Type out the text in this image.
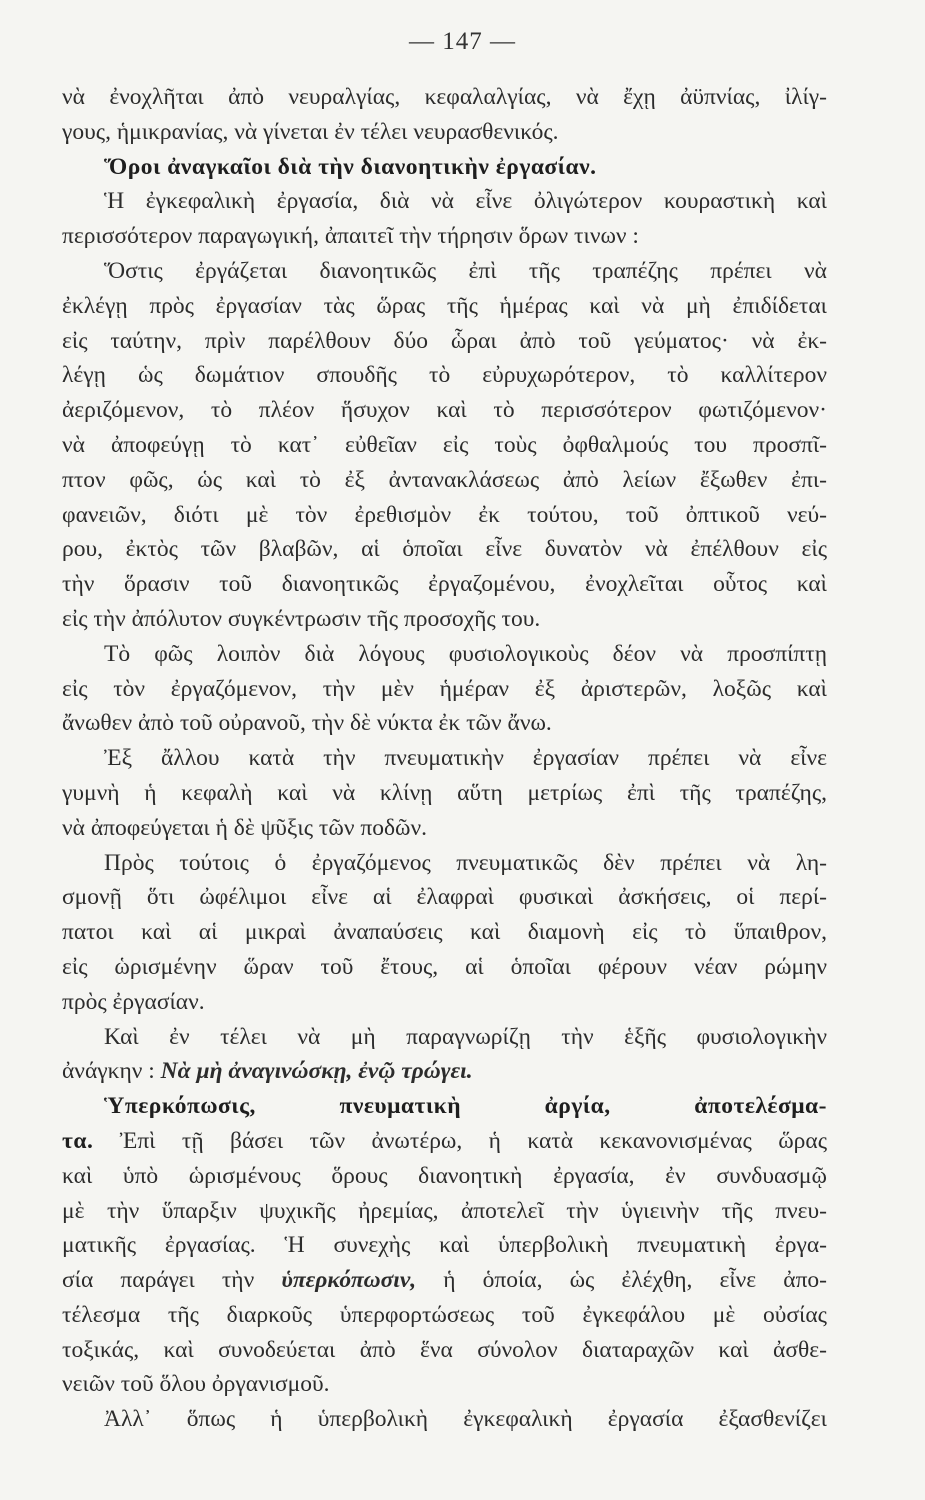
— 147 —
νὰ ἐνοχλῆται ἀπὸ νευραλγίας, κεφαλαλγίας, νὰ ἔχῃ ἀϋπνίας, ἰλίγ-
γους, ἡμικρανίας, νὰ γίνεται ἐν τέλει νευρασθενικός.
Ὅροι ἀναγκαῖοι διὰ τὴν διανοητικὴν ἐργασίαν.
Ἡ ἐγκεφαλικὴ ἐργασία, διὰ νὰ εἶνε ὀλιγώτερον κουραστικὴ καὶ
περισσότερον παραγωγική, ἀπαιτεῖ τὴν τήρησιν ὅρων τινων :
Ὅστις ἐργάζεται διανοητικῶς ἐπὶ τῆς τραπέζης πρέπει νὰ
ἐκλέγῃ πρὸς ἐργασίαν τὰς ὥρας τῆς ἡμέρας καὶ νὰ μὴ ἐπιδίδεται
εἰς ταύτην, πρὶν παρέλθουν δύο ὧραι ἀπὸ τοῦ γεύματος· νὰ ἐκ-
λέγῃ ὡς δωμάτιον σπουδῆς τὸ εὐρυχωρότερον, τὸ καλλίτερον
ἀεριζόμενον, τὸ πλέον ἥσυχον καὶ τὸ περισσότερον φωτιζόμενον·
νὰ ἀποφεύγῃ τὸ κατ᾽ εὐθεῖαν εἰς τοὺς ὀφθαλμούς του προσπῖ-
πτον φῶς, ὡς καὶ τὸ ἐξ ἀντανακλάσεως ἀπὸ λείων ἔξωθεν ἐπι-
φανειῶν, διότι μὲ τὸν ἐρεθισμὸν ἐκ τούτου, τοῦ ὀπτικοῦ νεύ-
ρου, ἐκτὸς τῶν βλαβῶν, αἱ ὁποῖαι εἶνε δυνατὸν νὰ ἐπέλθουν εἰς
τὴν ὅρασιν τοῦ διανοητικῶς ἐργαζομένου, ἐνοχλεῖται οὗτος καὶ
εἰς τὴν ἀπόλυτον συγκέντρωσιν τῆς προσοχῆς του.
Τὸ φῶς λοιπὸν διὰ λόγους φυσιολογικοὺς δέον νὰ προσπίπτῃ
εἰς τὸν ἐργαζόμενον, τὴν μὲν ἡμέραν ἐξ ἀριστερῶν, λοξῶς καὶ
ἄνωθεν ἀπὸ τοῦ οὐρανοῦ, τὴν δὲ νύκτα ἐκ τῶν ἄνω.
Ἐξ ἄλλου κατὰ τὴν πνευματικὴν ἐργασίαν πρέπει νὰ εἶνε
γυμνὴ ἡ κεφαλὴ καὶ νὰ κλίνῃ αὕτη μετρίως ἐπὶ τῆς τραπέζης,
νὰ ἀποφεύγεται ἡ δὲ ψῦξις τῶν ποδῶν.
Πρὸς τούτοις ὁ ἐργαζόμενος πνευματικῶς δὲν πρέπει νὰ λη-
σμονῇ ὅτι ὠφέλιμοι εἶνε αἱ ἐλαφραὶ φυσικαὶ ἀσκήσεις, οἱ περί-
πατοι καὶ αἱ μικραὶ ἀναπαύσεις καὶ διαμονὴ εἰς τὸ ὕπαιθρον,
εἰς ὡρισμένην ὥραν τοῦ ἔτους, αἱ ὁποῖαι φέρουν νέαν ρώμην
πρὸς ἐργασίαν.
Καὶ ἐν τέλει νὰ μὴ παραγνωρίζῃ τὴν ἑξῆς φυσιολογικὴν
ἀνάγκην : Νὰ μὴ ἀναγινώσκῃ, ἐνῷ τρώγει.
Ὑπερκόπωσις, πνευματικὴ ἀργία, ἀποτελέσμα-
τα. Ἐπὶ τῇ βάσει τῶν ἀνωτέρω, ἡ κατὰ κεκανονισμένας ὥρας
καὶ ὑπὸ ὡρισμένους ὅρους διανοητικὴ ἐργασία, ἐν συνδυασμῷ
μὲ τὴν ὕπαρξιν ψυχικῆς ἠρεμίας, ἀποτελεῖ τὴν ὑγιεινὴν τῆς πνευ-
ματικῆς ἐργασίας. Ἡ συνεχὴς καὶ ὑπερβολικὴ πνευματικὴ ἐργα-
σία παράγει τὴν ὑπερκόπωσιν, ἡ ὁποία, ὡς ἐλέχθη, εἶνε ἀπο-
τέλεσμα τῆς διαρκοῦς ὑπερφορτώσεως τοῦ ἐγκεφάλου μὲ οὐσίας
τοξικάς, καὶ συνοδεύεται ἀπὸ ἕνα σύνολον διαταραχῶν καὶ ἀσθε-
νειῶν τοῦ ὅλου ὀργανισμοῦ.
Ἀλλ᾽ ὅπως ἡ ὑπερβολικὴ ἐγκεφαλικὴ ἐργασία ἐξασθενίζει
